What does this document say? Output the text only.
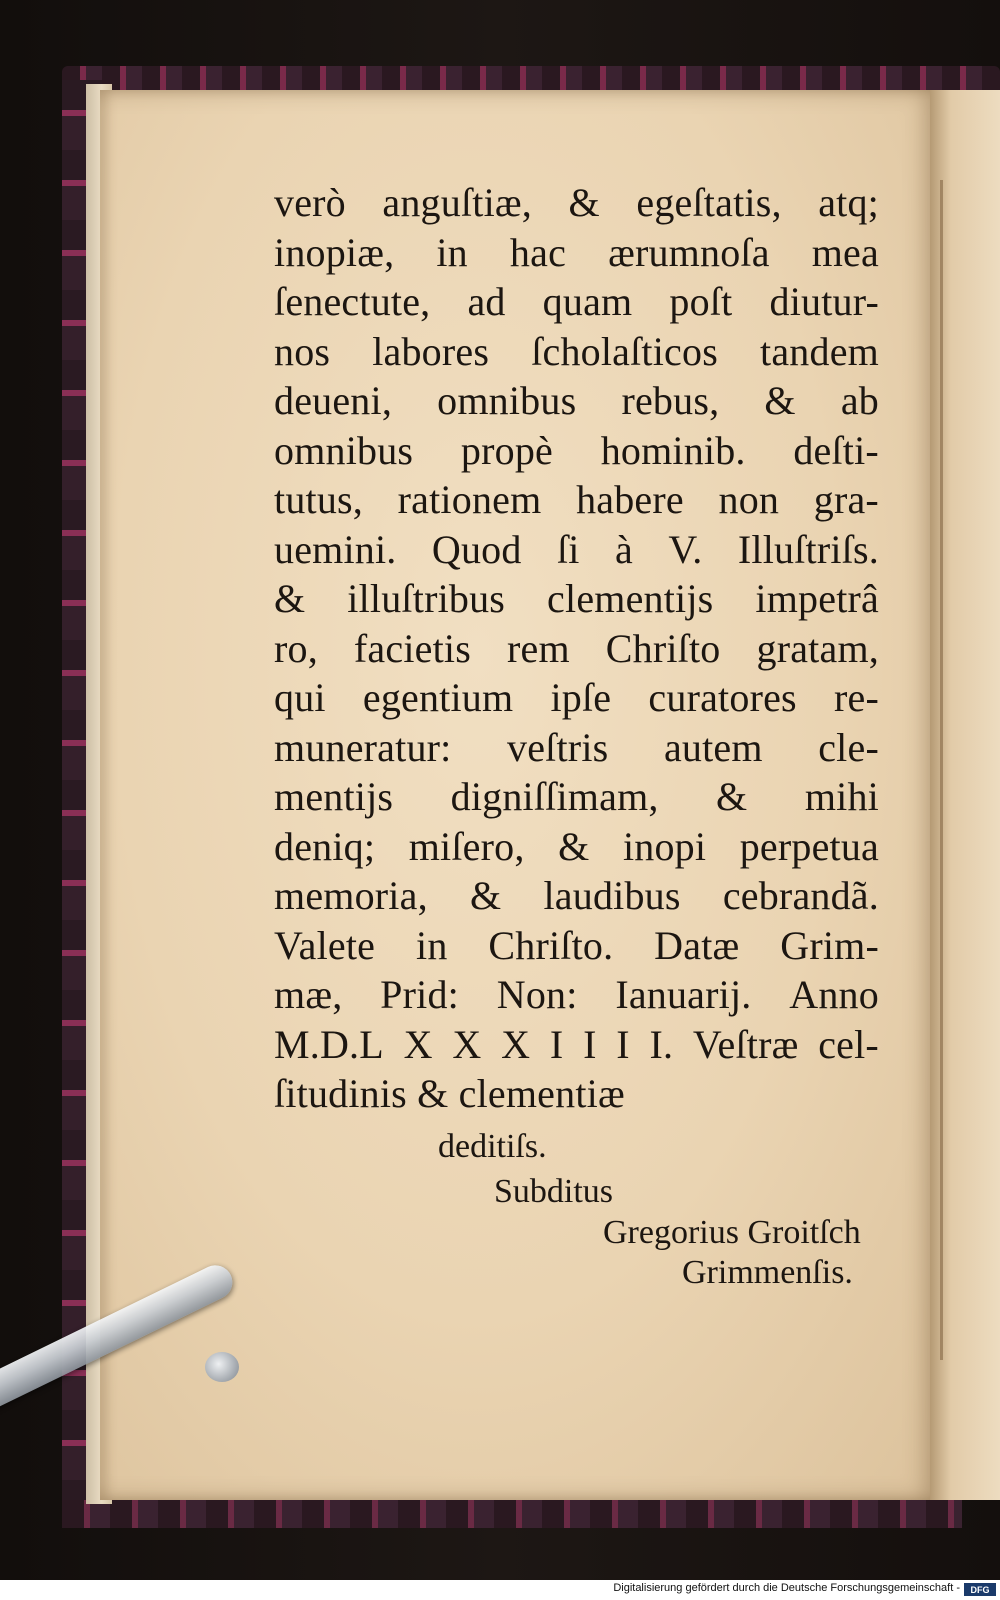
verò anguſtiæ, & egeſtatis, atq;
inopiæ, in hac ærumnoſa mea
ſenectute, ad quam poſt diutur-
nos labores ſcholaſticos tandem
deueni, omnibus rebus, & ab
omnibus propè hominib. deſti-
tutus, rationem habere non gra-
uemini. Quod ſi à V. Illuſtriſs.
& illuſtribus clementijs impetrâ
ro, facietis rem Chriſto gratam,
qui egentium ipſe curatores re-
muneratur: veſtris autem cle-
mentijs digniſſimam, & mihi
deniq; miſero, & inopi perpetua
memoria, & laudibus cebrandã.
Valete in Chriſto. Datæ Grim-
mæ, Prid: Non: Ianuarij. Anno
M.D.L X X X I I I I. Veſtræ cel-
ſitudinis & clementiæ
deditiſs.
Subditus
Gregorius Groitſch
Grimmenſis.
Digitalisierung gefördert durch die Deutsche Forschungsgemeinschaft -	DFG
